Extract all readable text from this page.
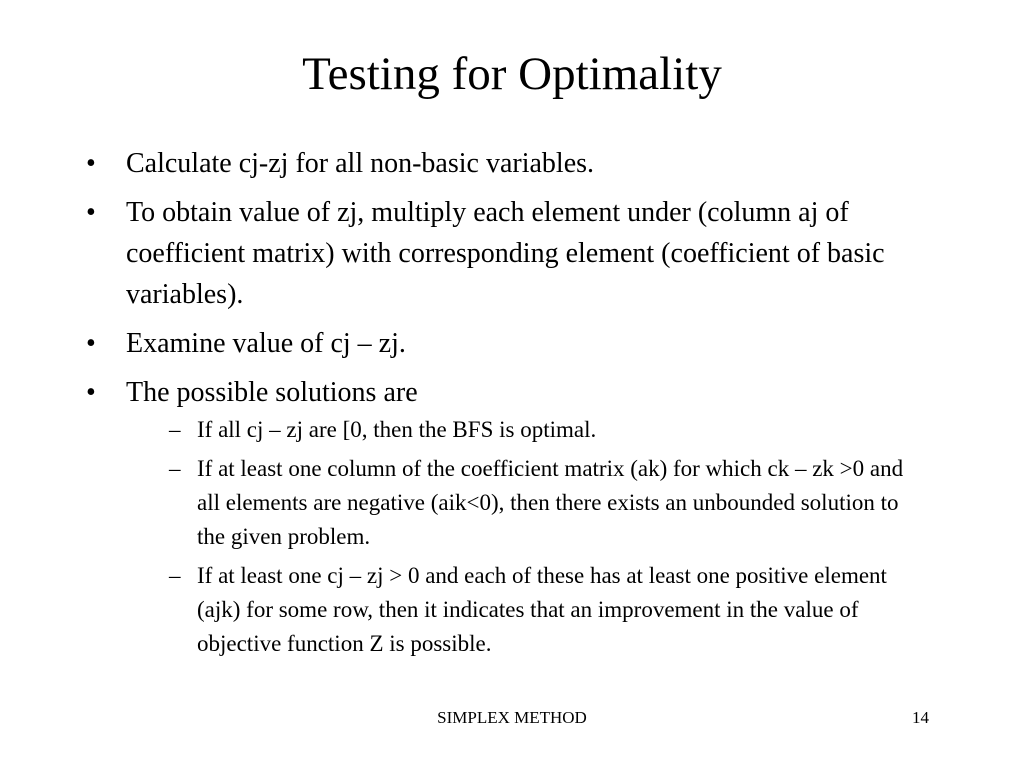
Testing for Optimality
• Calculate cj-zj for all non-basic variables.
• To obtain value of zj, multiply each element under (column aj of coefficient matrix) with corresponding element (coefficient of basic variables).
• Examine value of cj – zj.
• The possible solutions are
– If all cj – zj are [0, then the BFS is optimal.
– If at least one column of the coefficient matrix (ak) for which ck – zk >0 and all elements are negative (aik<0), then there exists an unbounded solution to the given problem.
– If at least one cj – zj > 0 and each of these has at least one positive element (ajk) for some row, then it indicates that an improvement in the value of objective function Z is possible.
SIMPLEX METHOD	14
